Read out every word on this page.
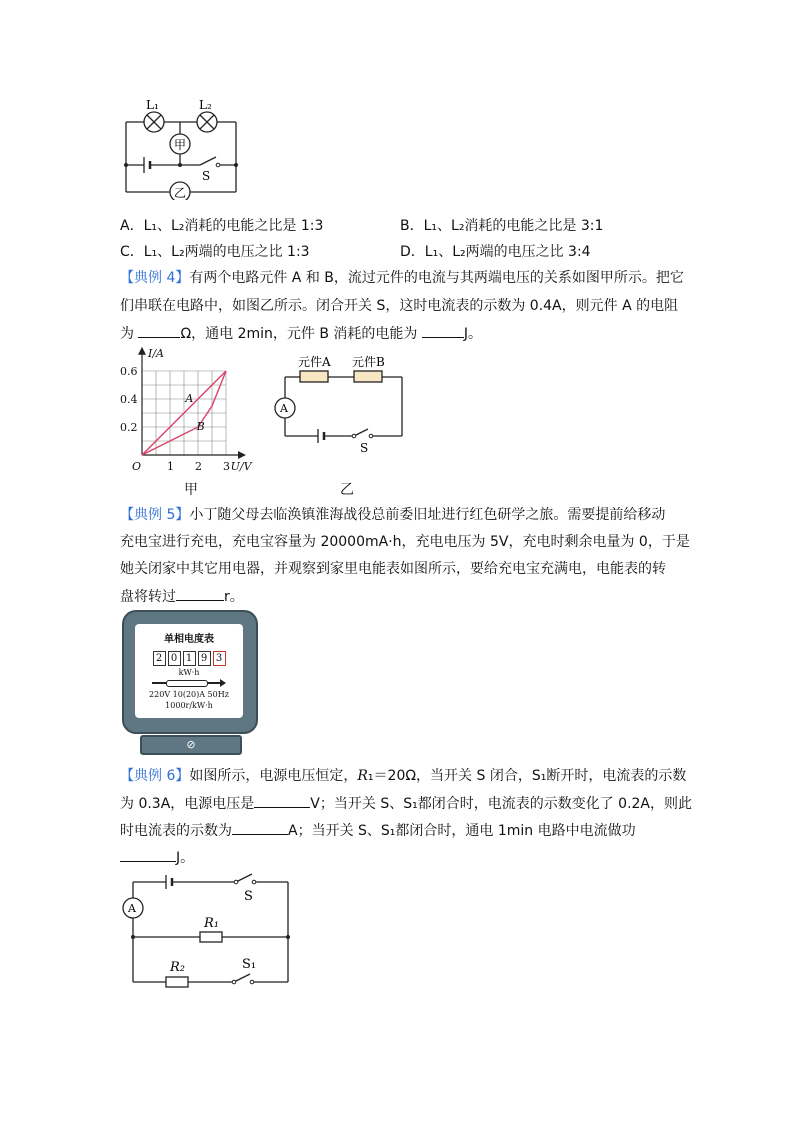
L₁	L₂
甲
乙
S
A．L₁、L₂消耗的电能之比是 1:3	B．L₁、L₂消耗的电能之比是 3:1
C．L₁、L₂两端的电压之比 1:3	D．L₁、L₂两端的电压之比 3:4
【典例 4】有两个电路元件 A 和 B，流过元件的电流与其两端电压的关系如图甲所示。把它
们串联在电路中，如图乙所示。闭合开关 S，这时电流表的示数为 0.4A，则元件 A 的电阻
为	Ω，通电 2min，元件 B 消耗的电能为	J。
0.2
0.4
0.6
1 2 3
O
I/A
U/V
A
B
甲
元件A 元件B
A
S
乙
【典例 5】小丁随父母去临涣镇淮海战役总前委旧址进行红色研学之旅。需要提前给移动
充电宝进行充电，充电宝容量为 20000mA·h，充电电压为 5V，充电时剩余电量为 0，于是
她关闭家中其它用电器，并观察到家里电能表如图所示，要给充电宝充满电，电能表的转
盘将转过	r。
单相电度表
2 0 1 9 3
kW·h
220V 10(20)A 50Hz
1000r/kW·h
⊘
【典例 6】如图所示，电源电压恒定，R₁＝20Ω，当开关 S 闭合，S₁断开时，电流表的示数
为 0.3A，电源电压是	V；当开关 S、S₁都闭合时，电流表的示数变化了 0.2A，则此
时电流表的示数为	A；当开关 S、S₁都闭合时，通电 1min 电路中电流做功
J。
A
S
R₁
R₂	S₁
